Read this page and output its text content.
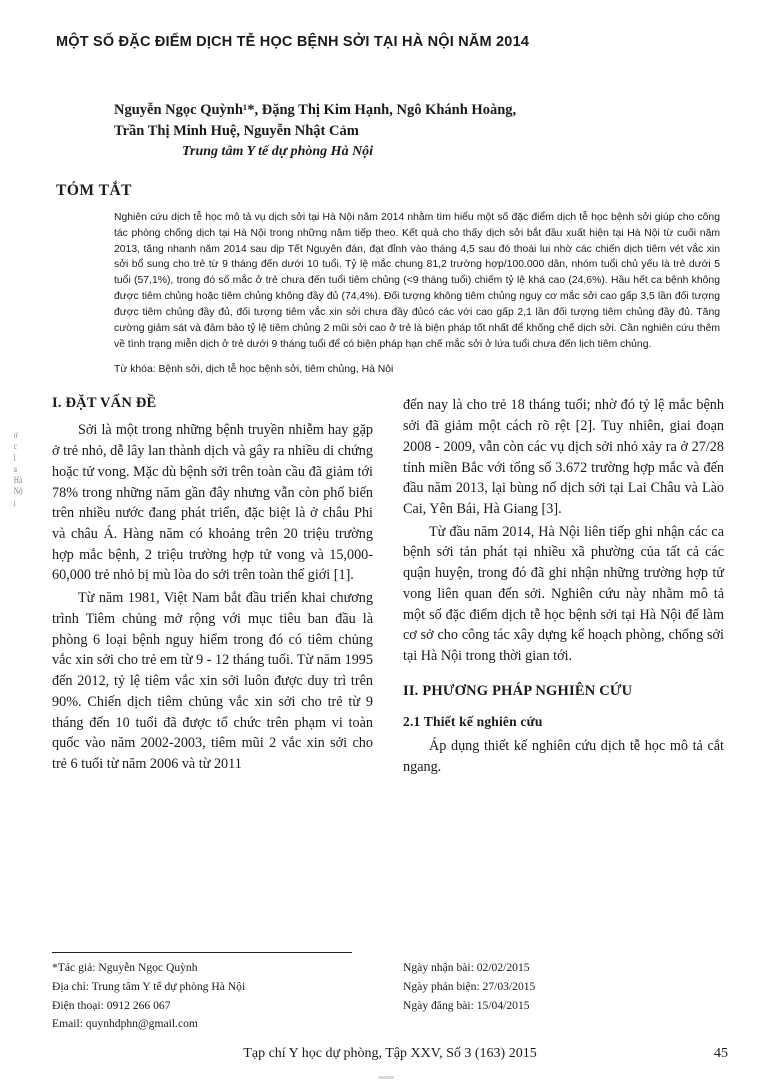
ơ
c
l
a
Hà
Nộ
i
MỘT SỐ ĐẶC ĐIỂM DỊCH TỄ HỌC BỆNH SỞI TẠI HÀ NỘI NĂM 2014
Nguyễn Ngọc Quỳnh¹*, Đặng Thị Kim Hạnh, Ngô Khánh Hoàng,
Trần Thị Minh Huệ, Nguyễn Nhật Cảm
Trung tâm Y tế dự phòng Hà Nội
TÓM TẮT
Nghiên cứu dịch tễ học mô tả vụ dịch sởi tại Hà Nội năm 2014 nhằm tìm hiểu một số đặc điểm dịch tễ học bệnh sởi giúp cho công tác phòng chống dịch tại Hà Nội trong những năm tiếp theo. Kết quả cho thấy dịch sởi bắt đầu xuất hiện tại Hà Nội từ cuối năm 2013, tăng nhanh năm 2014 sau dịp Tết Nguyên đán, đạt đỉnh vào tháng 4,5 sau đó thoái lui nhờ các chiến dịch tiêm vét vắc xin sởi bổ sung cho trẻ từ 9 tháng đến dưới 10 tuổi. Tỷ lệ mắc chung 81,2 trường hợp/100.000 dân, nhóm tuổi chủ yếu là trẻ dưới 5 tuổi (57,1%), trong đó số mắc ở trẻ chưa đến tuổi tiêm chủng (<9 tháng tuổi) chiếm tỷ lệ khá cao (24,6%). Hầu hết ca bệnh không được tiêm chủng hoặc tiêm chủng không đầy đủ (74,4%). Đối tượng không tiêm chủng nguy cơ mắc sởi cao gấp 3,5 lần đối tượng được tiêm chủng đầy đủ, đối tượng tiêm vắc xin sởi chưa đầy đủcó các với cao gấp 2,1 lần đối tượng tiêm chủng đầy đủ. Tăng cường giảm sát và đảm bảo tỷ lệ tiêm chủng 2 mũi sởi cao ở trẻ là biện pháp tốt nhất để khống chế dịch sởi. Cần nghiên cứu thêm về tình trạng miễn dịch ở trẻ dưới 9 tháng tuổi để có biện pháp hạn chế mắc sởi ở lứa tuổi chưa đến lịch tiêm chủng.
Từ khóa: Bệnh sởi, dịch tễ học bệnh sởi, tiêm chủng, Hà Nội
I. ĐẶT VẤN ĐỀ

Sởi là một trong những bệnh truyền nhiễm hay gặp ở trẻ nhỏ, dễ lây lan thành dịch và gây ra nhiều di chứng hoặc tử vong. Mặc dù bệnh sởi trên toàn cầu đã giảm tới 78% trong những năm gần đây nhưng vẫn còn phổ biến trên nhiều nước đang phát triển, đặc biệt là ở châu Phi và châu Á. Hàng năm có khoảng trên 20 triệu trường hợp mắc bệnh, 2 triệu trường hợp tử vong và 15,000-60,000 trẻ nhỏ bị mù lòa do sởi trên toàn thế giới [1].

Từ năm 1981, Việt Nam bắt đầu triển khai chương trình Tiêm chủng mở rộng với mục tiêu ban đầu là phòng 6 loại bệnh nguy hiểm trong đó có tiêm chủng vắc xin sởi cho trẻ em từ 9 - 12 tháng tuổi. Từ năm 1995 đến 2012, tỷ lệ tiêm vắc xin sởi luôn được duy trì trên 90%. Chiến dịch tiêm chủng vắc xin sởi cho trẻ từ 9 tháng đến 10 tuổi đã được tổ chức trên phạm vi toàn quốc vào năm 2002-2003, tiêm mũi 2 vắc xin sởi cho trẻ 6 tuổi từ năm 2006 và từ 2011

đến nay là cho trẻ 18 tháng tuổi; nhờ đó tỷ lệ mắc bệnh sởi đã giảm một cách rõ rệt [2]. Tuy nhiên, giai đoạn 2008 - 2009, vẫn còn các vụ dịch sởi nhỏ xảy ra ở 27/28 tỉnh miền Bắc với tổng số 3.672 trường hợp mắc và đến đầu năm 2013, lại bùng nổ dịch sởi tại Lai Châu và Lào Cai, Yên Bái, Hà Giang [3].

Từ đầu năm 2014, Hà Nội liên tiếp ghi nhận các ca bệnh sởi tản phát tại nhiều xã phường của tất cả các quận huyện, trong đó đã ghi nhận những trường hợp tử vong liên quan đến sởi. Nghiên cứu này nhằm mô tả một số đặc điểm dịch tễ học bệnh sởi tại Hà Nội để làm cơ sở cho công tác xây dựng kế hoạch phòng, chống sởi tại Hà Nội trong thời gian tới.

II. PHƯƠNG PHÁP NGHIÊN CỨU
2.1 Thiết kế nghiên cứu

Áp dụng thiết kế nghiên cứu dịch tễ học mô tả cắt ngang.

*Tác giả: Nguyễn Ngọc Quỳnh
Địa chỉ: Trung tâm Y tế dự phòng Hà Nội
Điện thoại: 0912 266 067
Email: quynhdphn@gmail.com
Ngày nhận bài: 02/02/2015
Ngày phản biện: 27/03/2015
Ngày đăng bài: 15/04/2015
Tạp chí Y học dự phòng, Tập XXV, Số 3 (163) 2015	45
